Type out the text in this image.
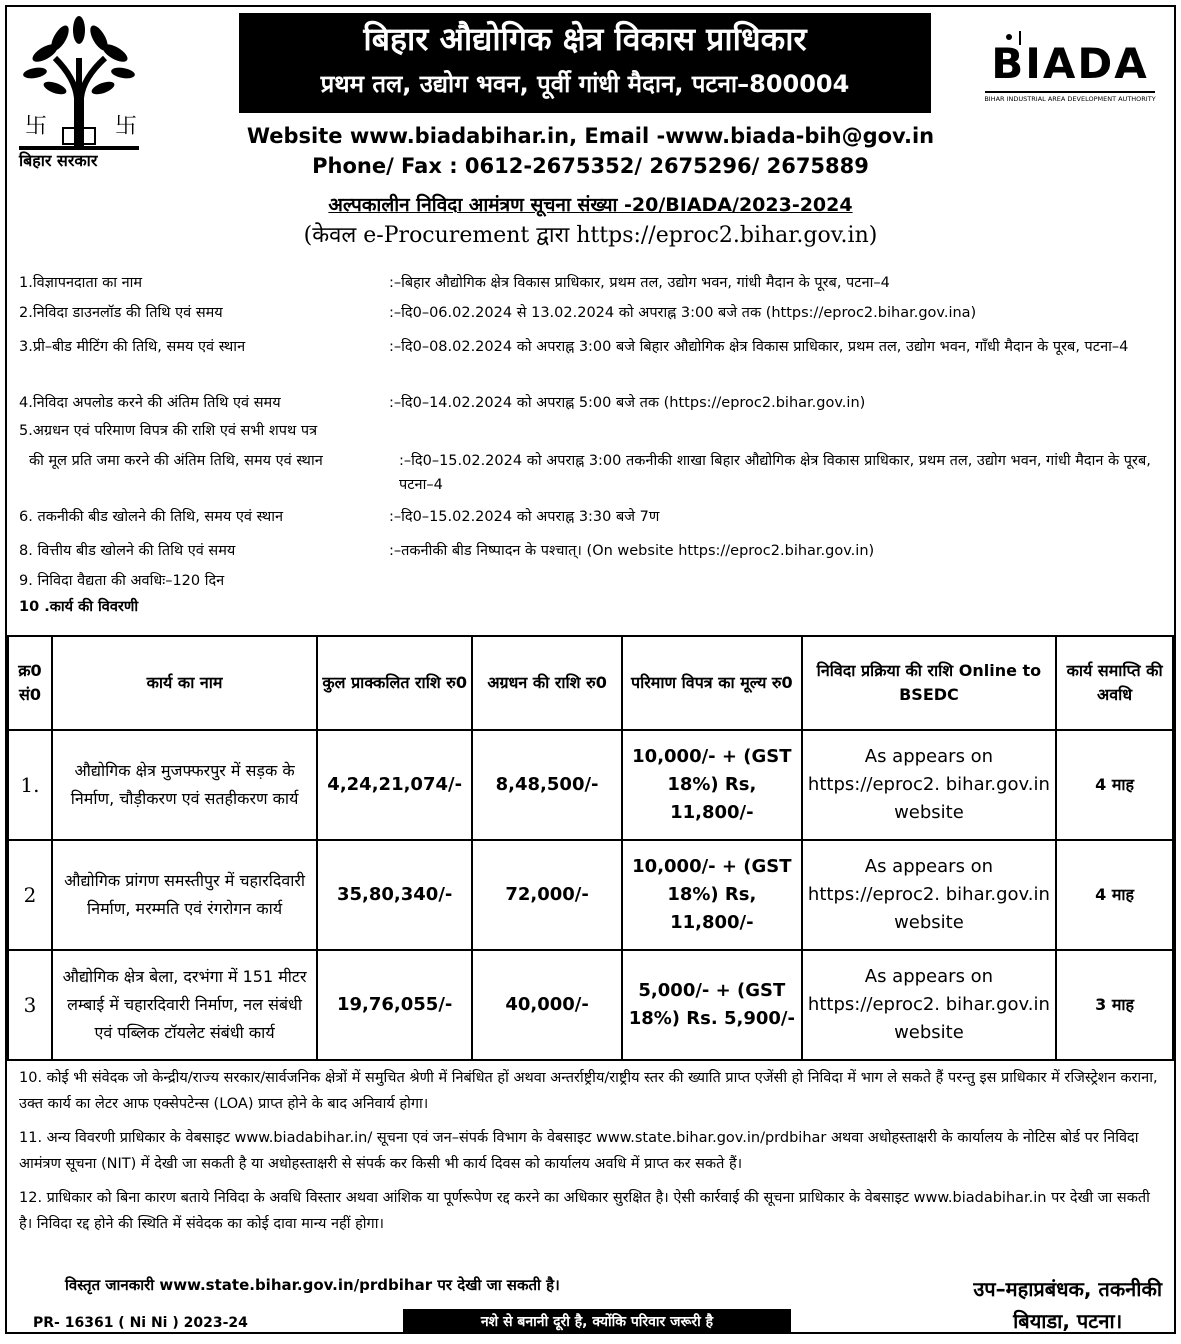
卐	卐
बिहार सरकार
बिहार औद्योगिक क्षेत्र विकास प्राधिकार
प्रथम तल, उद्योग भवन, पूर्वी गांधी मैदान, पटना–800004	BIADA
BIHAR INDUSTRIAL AREA DEVELOPMENT AUTHORITY
Website www.biadabihar.in, Email -www.biada-bih@gov.in
Phone/ Fax : 0612-2675352/ 2675296/ 2675889
अल्पकालीन निविदा आमंत्रण सूचना संख्या -20/BIADA/2023-2024
(केवल e-Procurement द्वारा https://eproc2.bihar.gov.in)
1.विज्ञापनदाता का नाम	:–बिहार औद्योगिक क्षेत्र विकास प्राधिकार, प्रथम तल, उद्योग भवन, गांधी मैदान के पूरब, पटना–4
2.निविदा डाउनलॉड की तिथि एवं समय	:–दि0–06.02.2024 से 13.02.2024 को अपराह्न 3:00 बजे तक (https://eproc2.bihar.gov.ina)
3.प्री–बीड मीटिंग की तिथि, समय एवं स्थान	:–दि0–08.02.2024 को अपराह्न 3:00 बजे बिहार औद्योगिक क्षेत्र विकास प्राधिकार, प्रथम तल, उद्योग भवन, गाँधी मैदान के पूरब, पटना–4
4.निविदा अपलोड करने की अंतिम तिथि एवं समय	:–दि0–14.02.2024 को अपराह्न 5:00 बजे तक (https://eproc2.bihar.gov.in)
5.अग्रधन एवं परिमाण विपत्र की राशि एवं सभी शपथ पत्र
की मूल प्रति जमा करने की अंतिम तिथि, समय एवं स्थान	:–दि0–15.02.2024 को अपराह्न 3:00 तकनीकी शाखा बिहार औद्योगिक क्षेत्र विकास प्राधिकार, प्रथम तल, उद्योग भवन, गांधी मैदान के पूरब, पटना–4
6. तकनीकी बीड खोलने की तिथि, समय एवं स्थान	:–दि0–15.02.2024 को अपराह्न 3:30 बजे 7ण
8. वित्तीय बीड खोलने की तिथि एवं समय	:–तकनीकी बीड निष्पादन के पश्चात्। (On website https://eproc2.bihar.gov.in)
9. निविदा वैद्यता की अवधिः–120 दिन
10 .कार्य की विवरणी
क्र0 सं0	कार्य का नाम	कुल प्राक्कलित राशि रु0	अग्रधन की राशि रु0	परिमाण विपत्र का मूल्य रु0	निविदा प्रक्रिया की राशि Online to BSEDC	कार्य समाप्ति की अवधि
1.	औद्योगिक क्षेत्र मुजफ्फरपुर में सड़क के निर्माण, चौड़ीकरण एवं सतहीकरण कार्य	4,24,21,074/-	8,48,500/-	10,000/- + (GST 18%) Rs, 11,800/-	As appears on https://eproc2. bihar.gov.in website	4 माह
2	औद्योगिक प्रांगण समस्तीपुर में चहारदिवारी निर्माण, मरम्मति एवं रंगरोगन कार्य	35,80,340/-	72,000/-	10,000/- + (GST 18%) Rs, 11,800/-	As appears on https://eproc2. bihar.gov.in website	4 माह
3	औद्योगिक क्षेत्र बेला, दरभंगा में 151 मीटर लम्बाई में चहारदिवारी निर्माण, नल संबंधी एवं पब्लिक टॉयलेट संबंधी कार्य	19,76,055/-	40,000/-	5,000/- + (GST 18%) Rs. 5,900/-	As appears on https://eproc2. bihar.gov.in website	3 माह

10. कोई भी संवेदक जो केन्द्रीय/राज्य सरकार/सार्वजनिक क्षेत्रों में समुचित श्रेणी में निबंधित हों अथवा अन्तर्राष्ट्रीय/राष्ट्रीय स्तर की ख्याति प्राप्त एजेंसी हो निविदा में भाग ले सकते हैं परन्तु इस प्राधिकार में रजिस्ट्रेशन कराना, उक्त कार्य का लेटर आफ एक्सेपटेन्स (LOA) प्राप्त होने के बाद अनिवार्य होगा।

11. अन्य विवरणी प्राधिकार के वेबसाइट www.biadabihar.in/ सूचना एवं जन–संपर्क विभाग के वेबसाइट www.state.bihar.gov.in/prdbihar अथवा अधोहस्ताक्षरी के कार्यालय के नोटिस बोर्ड पर निविदा आमंत्रण सूचना (NIT) में देखी जा सकती है या अधोहस्ताक्षरी से संपर्क कर किसी भी कार्य दिवस को कार्यालय अवधि में प्राप्त कर सकते हैं।

12. प्राधिकार को बिना कारण बताये निविदा के अवधि विस्तार अथवा आंशिक या पूर्णरूपेण रद्द करने का अधिकार सुरक्षित है। ऐसी कार्रवाई की सूचना प्राधिकार के वेबसाइट www.biadabihar.in पर देखी जा सकती है। निविदा रद्द होने की स्थिति में संवेदक का कोई दावा मान्य नहीं होगा।

विस्तृत जानकारी www.state.bihar.gov.in/prdbihar पर देखी जा सकती है।	उप–महाप्रबंधक, तकनीकी
बियाडा, पटना।
PR- 16361 ( Ni Ni ) 2023-24	नशे से बनानी दूरी है, क्योंकि परिवार जरूरी है
